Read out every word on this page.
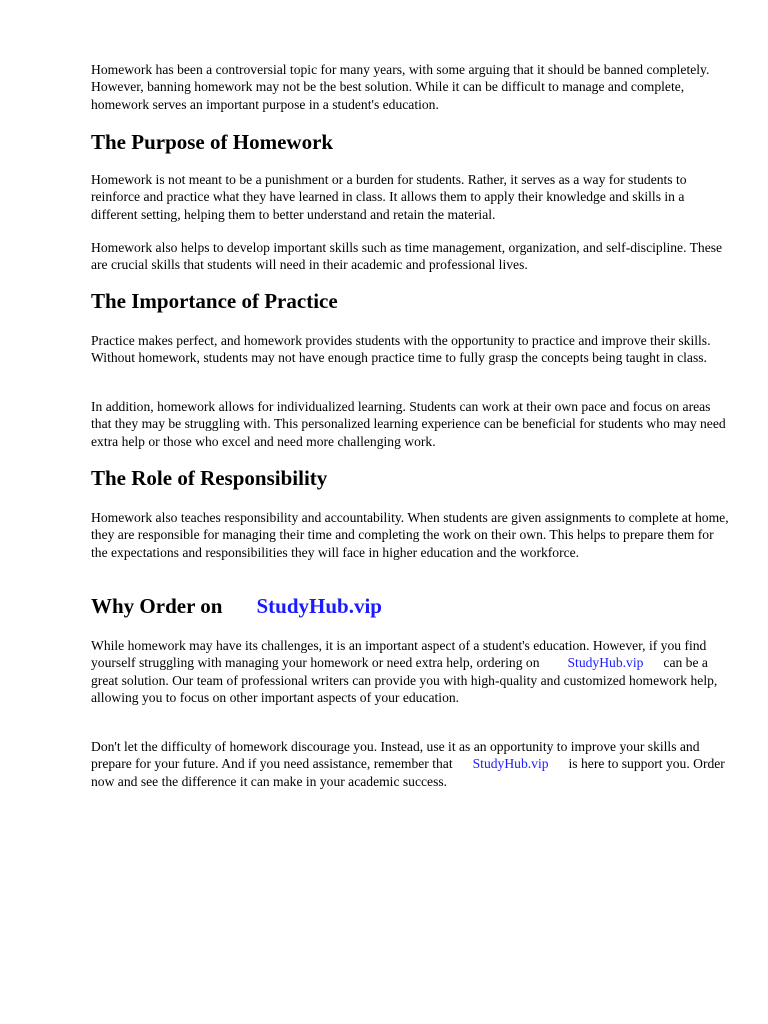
Homework has been a controversial topic for many years, with some arguing that it should be banned completely. However, banning homework may not be the best solution. While it can be difficult to manage and complete, homework serves an important purpose in a student's education.

The Purpose of Homework

Homework is not meant to be a punishment or a burden for students. Rather, it serves as a way for students to reinforce and practice what they have learned in class. It allows them to apply their knowledge and skills in a different setting, helping them to better understand and retain the material.

Homework also helps to develop important skills such as time management, organization, and self-discipline. These are crucial skills that students will need in their academic and professional lives.

The Importance of Practice

Practice makes perfect, and homework provides students with the opportunity to practice and improve their skills. Without homework, students may not have enough practice time to fully grasp the concepts being taught in class.

In addition, homework allows for individualized learning. Students can work at their own pace and focus on areas that they may be struggling with. This personalized learning experience can be beneficial for students who may need extra help or those who excel and need more challenging work.

The Role of Responsibility

Homework also teaches responsibility and accountability. When students are given assignments to complete at home, they are responsible for managing their time and completing the work on their own. This helps to prepare them for the expectations and responsibilities they will face in higher education and the workforce.

Why Order on StudyHub.vip

While homework may have its challenges, it is an important aspect of a student's education. However, if you find yourself struggling with managing your homework or need extra help, ordering on StudyHub.vip can be a great solution. Our team of professional writers can provide you with high-quality and customized homework help, allowing you to focus on other important aspects of your education.

Don't let the difficulty of homework discourage you. Instead, use it as an opportunity to improve your skills and prepare for your future. And if you need assistance, remember that StudyHub.vip is here to support you. Order now and see the difference it can make in your academic success.
